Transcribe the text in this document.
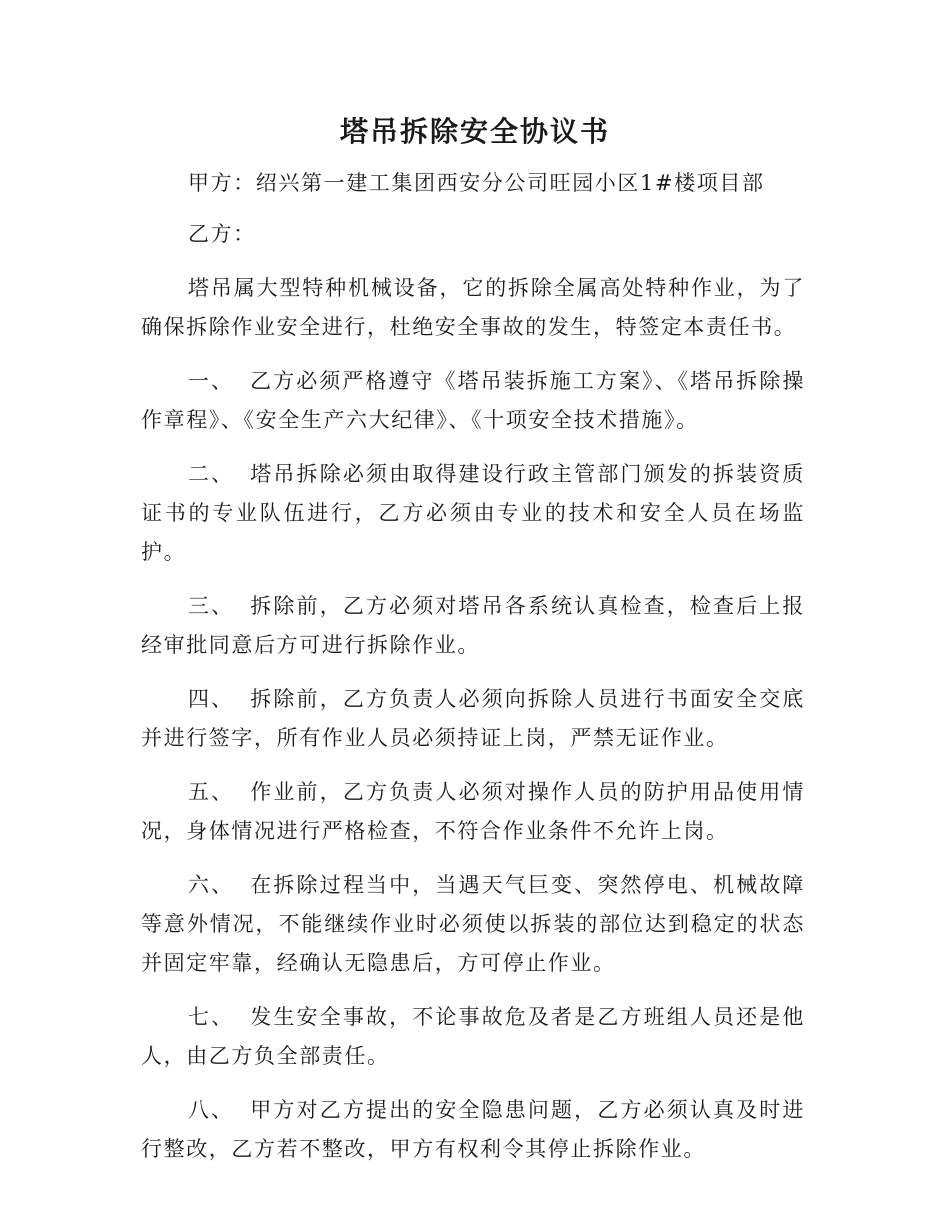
塔吊拆除安全协议书

甲方：绍兴第一建工集团西安分公司旺园小区1#楼项目部

乙方：

塔吊属大型特种机械设备，它的拆除全属高处特种作业，为了确保拆除作业安全进行，杜绝安全事故的发生，特签定本责任书。

一、 乙方必须严格遵守《塔吊装拆施工方案》、《塔吊拆除操作章程》、《安全生产六大纪律》、《十项安全技术措施》。

二、 塔吊拆除必须由取得建设行政主管部门颁发的拆装资质证书的专业队伍进行，乙方必须由专业的技术和安全人员在场监护。

三、 拆除前，乙方必须对塔吊各系统认真检查，检查后上报经审批同意后方可进行拆除作业。

四、 拆除前，乙方负责人必须向拆除人员进行书面安全交底并进行签字，所有作业人员必须持证上岗，严禁无证作业。

五、 作业前，乙方负责人必须对操作人员的防护用品使用情况，身体情况进行严格检查，不符合作业条件不允许上岗。

六、 在拆除过程当中，当遇天气巨变、突然停电、机械故障等意外情况，不能继续作业时必须使以拆装的部位达到稳定的状态并固定牢靠，经确认无隐患后，方可停止作业。

七、 发生安全事故，不论事故危及者是乙方班组人员还是他人，由乙方负全部责任。

八、 甲方对乙方提出的安全隐患问题，乙方必须认真及时进行整改，乙方若不整改，甲方有权利令其停止拆除作业。
